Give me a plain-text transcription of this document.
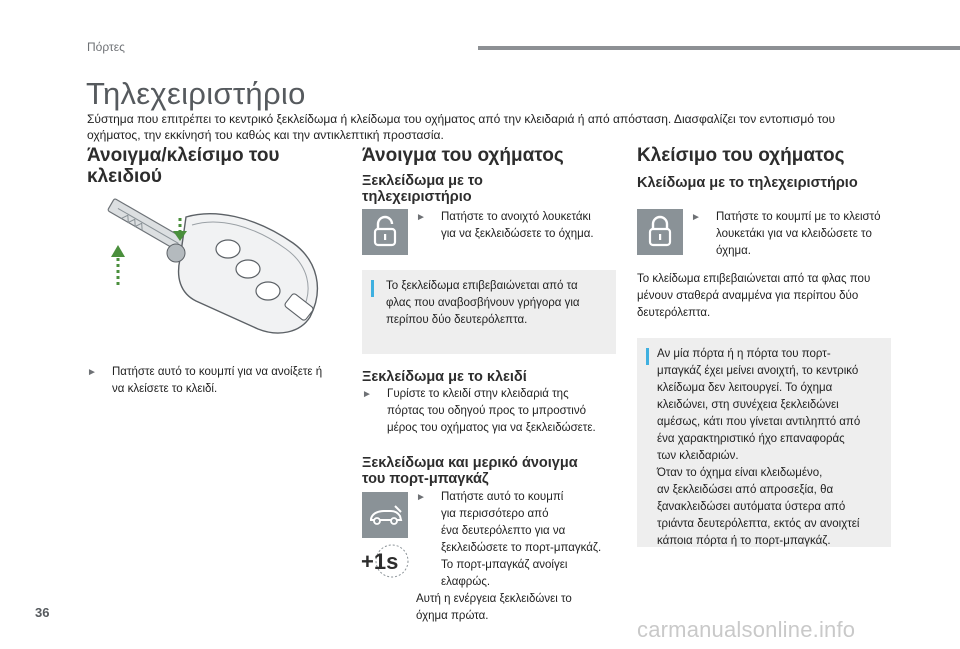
Πόρτες
Τηλεχειριστήριο
Σύστημα που επιτρέπει το κεντρικό ξεκλείδωμα ή κλείδωμα του οχήματος από την κλειδαριά ή από απόσταση. Διασφαλίζει τον εντοπισμό του
οχήματος, την εκκίνησή του καθώς και την αντικλεπτική προστασία.
Άνοιγμα/κλείσιμο του
κλειδιού
►	Πατήστε αυτό το κουμπί για να ανοίξετε ή
να κλείσετε το κλειδί.
Άνοιγμα του οχήματος
Ξεκλείδωμα με το
τηλεχειριστήριο
►	Πατήστε το ανοιχτό λουκετάκι
για να ξεκλειδώσετε το όχημα.
Το ξεκλείδωμα επιβεβαιώνεται από τα
φλας που αναβοσβήνουν γρήγορα για
περίπου δύο δευτερόλεπτα.
Ξεκλείδωμα με το κλειδί
►	Γυρίστε το κλειδί στην κλειδαριά της
πόρτας του οδηγού προς το μπροστινό
μέρος του οχήματος για να ξεκλειδώσετε.
Ξεκλείδωμα και μερικό άνοιγμα
του πορτ-μπαγκάζ
+1s
►	Πατήστε αυτό το κουμπί
για περισσότερο από
ένα δευτερόλεπτο για να
ξεκλειδώσετε το πορτ-μπαγκάζ.
Το πορτ-μπαγκάζ ανοίγει
ελαφρώς.
Αυτή η ενέργεια ξεκλειδώνει το
όχημα πρώτα.
Κλείσιμο του οχήματος
Κλείδωμα με το τηλεχειριστήριο
►	Πατήστε το κουμπί με το κλειστό
λουκετάκι για να κλειδώσετε το
όχημα.
Το κλείδωμα επιβεβαιώνεται από τα φλας που
μένουν σταθερά αναμμένα για περίπου δύο
δευτερόλεπτα.
Αν μία πόρτα ή η πόρτα του πορτ-
μπαγκάζ έχει μείνει ανοιχτή, το κεντρικό
κλείδωμα δεν λειτουργεί. Το όχημα
κλειδώνει, στη συνέχεια ξεκλειδώνει
αμέσως, κάτι που γίνεται αντιληπτό από
ένα χαρακτηριστικό ήχο επαναφοράς
των κλειδαριών.
Όταν το όχημα είναι κλειδωμένο,
αν ξεκλειδώσει από απροσεξία, θα
ξανακλειδώσει αυτόματα ύστερα από
τριάντα δευτερόλεπτα, εκτός αν ανοιχτεί
κάποια πόρτα ή το πορτ-μπαγκάζ.
36
carmanualsonline.info
